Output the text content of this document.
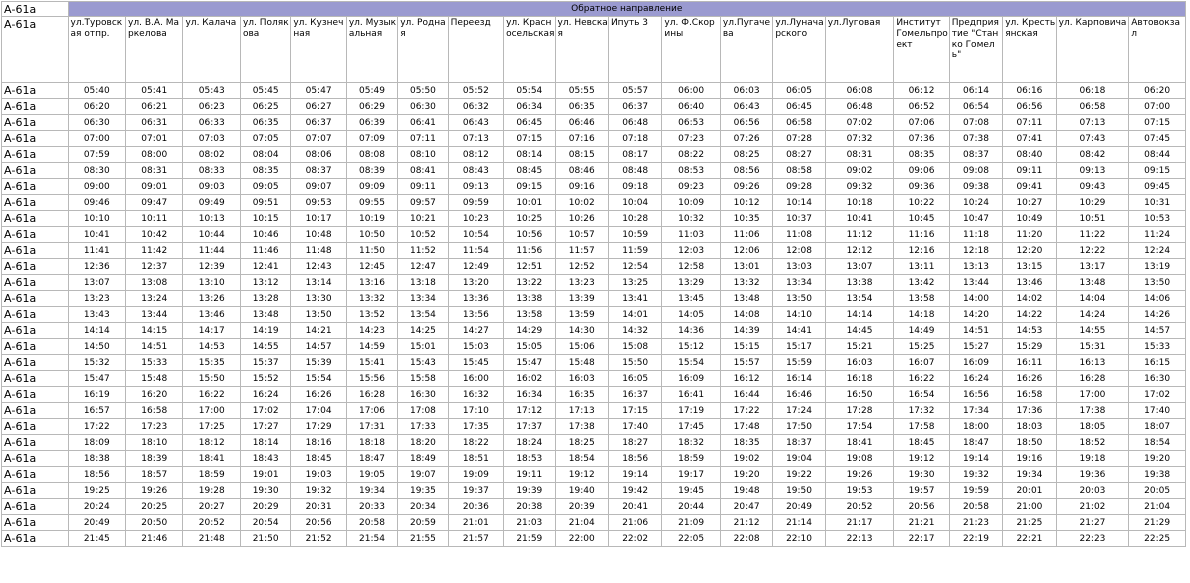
А-61а	Обратное направление																			
А-61а	ул.Туровская отпр.	ул. В.А. Маркелова	ул. Калача	ул. Полякова	ул. Кузнечная	ул. Музыкальная	ул. Родная	Переезд	ул. Красносельская	ул. Невская	Ипуть 3	ул. Ф.Скорины	ул.Пугачева	ул.Луначарского	ул.Луговая	Институт Гомельпроект	Предприятие "Станко Гомель"	ул. Крестьянская	ул. Карповича	Автовокзал
А-61а	05:40	05:41	05:43	05:45	05:47	05:49	05:50	05:52	05:54	05:55	05:57	06:00	06:03	06:05	06:08	06:12	06:14	06:16	06:18	06:20
А-61а	06:20	06:21	06:23	06:25	06:27	06:29	06:30	06:32	06:34	06:35	06:37	06:40	06:43	06:45	06:48	06:52	06:54	06:56	06:58	07:00
А-61а	06:30	06:31	06:33	06:35	06:37	06:39	06:41	06:43	06:45	06:46	06:48	06:53	06:56	06:58	07:02	07:06	07:08	07:11	07:13	07:15
А-61а	07:00	07:01	07:03	07:05	07:07	07:09	07:11	07:13	07:15	07:16	07:18	07:23	07:26	07:28	07:32	07:36	07:38	07:41	07:43	07:45
А-61а	07:59	08:00	08:02	08:04	08:06	08:08	08:10	08:12	08:14	08:15	08:17	08:22	08:25	08:27	08:31	08:35	08:37	08:40	08:42	08:44
А-61а	08:30	08:31	08:33	08:35	08:37	08:39	08:41	08:43	08:45	08:46	08:48	08:53	08:56	08:58	09:02	09:06	09:08	09:11	09:13	09:15
А-61а	09:00	09:01	09:03	09:05	09:07	09:09	09:11	09:13	09:15	09:16	09:18	09:23	09:26	09:28	09:32	09:36	09:38	09:41	09:43	09:45
А-61а	09:46	09:47	09:49	09:51	09:53	09:55	09:57	09:59	10:01	10:02	10:04	10:09	10:12	10:14	10:18	10:22	10:24	10:27	10:29	10:31
А-61а	10:10	10:11	10:13	10:15	10:17	10:19	10:21	10:23	10:25	10:26	10:28	10:32	10:35	10:37	10:41	10:45	10:47	10:49	10:51	10:53
А-61а	10:41	10:42	10:44	10:46	10:48	10:50	10:52	10:54	10:56	10:57	10:59	11:03	11:06	11:08	11:12	11:16	11:18	11:20	11:22	11:24
А-61а	11:41	11:42	11:44	11:46	11:48	11:50	11:52	11:54	11:56	11:57	11:59	12:03	12:06	12:08	12:12	12:16	12:18	12:20	12:22	12:24
А-61а	12:36	12:37	12:39	12:41	12:43	12:45	12:47	12:49	12:51	12:52	12:54	12:58	13:01	13:03	13:07	13:11	13:13	13:15	13:17	13:19
А-61а	13:07	13:08	13:10	13:12	13:14	13:16	13:18	13:20	13:22	13:23	13:25	13:29	13:32	13:34	13:38	13:42	13:44	13:46	13:48	13:50
А-61а	13:23	13:24	13:26	13:28	13:30	13:32	13:34	13:36	13:38	13:39	13:41	13:45	13:48	13:50	13:54	13:58	14:00	14:02	14:04	14:06
А-61а	13:43	13:44	13:46	13:48	13:50	13:52	13:54	13:56	13:58	13:59	14:01	14:05	14:08	14:10	14:14	14:18	14:20	14:22	14:24	14:26
А-61а	14:14	14:15	14:17	14:19	14:21	14:23	14:25	14:27	14:29	14:30	14:32	14:36	14:39	14:41	14:45	14:49	14:51	14:53	14:55	14:57
А-61а	14:50	14:51	14:53	14:55	14:57	14:59	15:01	15:03	15:05	15:06	15:08	15:12	15:15	15:17	15:21	15:25	15:27	15:29	15:31	15:33
А-61а	15:32	15:33	15:35	15:37	15:39	15:41	15:43	15:45	15:47	15:48	15:50	15:54	15:57	15:59	16:03	16:07	16:09	16:11	16:13	16:15
А-61а	15:47	15:48	15:50	15:52	15:54	15:56	15:58	16:00	16:02	16:03	16:05	16:09	16:12	16:14	16:18	16:22	16:24	16:26	16:28	16:30
А-61а	16:19	16:20	16:22	16:24	16:26	16:28	16:30	16:32	16:34	16:35	16:37	16:41	16:44	16:46	16:50	16:54	16:56	16:58	17:00	17:02
А-61а	16:57	16:58	17:00	17:02	17:04	17:06	17:08	17:10	17:12	17:13	17:15	17:19	17:22	17:24	17:28	17:32	17:34	17:36	17:38	17:40
А-61а	17:22	17:23	17:25	17:27	17:29	17:31	17:33	17:35	17:37	17:38	17:40	17:45	17:48	17:50	17:54	17:58	18:00	18:03	18:05	18:07
А-61а	18:09	18:10	18:12	18:14	18:16	18:18	18:20	18:22	18:24	18:25	18:27	18:32	18:35	18:37	18:41	18:45	18:47	18:50	18:52	18:54
А-61а	18:38	18:39	18:41	18:43	18:45	18:47	18:49	18:51	18:53	18:54	18:56	18:59	19:02	19:04	19:08	19:12	19:14	19:16	19:18	19:20
А-61а	18:56	18:57	18:59	19:01	19:03	19:05	19:07	19:09	19:11	19:12	19:14	19:17	19:20	19:22	19:26	19:30	19:32	19:34	19:36	19:38
А-61а	19:25	19:26	19:28	19:30	19:32	19:34	19:35	19:37	19:39	19:40	19:42	19:45	19:48	19:50	19:53	19:57	19:59	20:01	20:03	20:05
А-61а	20:24	20:25	20:27	20:29	20:31	20:33	20:34	20:36	20:38	20:39	20:41	20:44	20:47	20:49	20:52	20:56	20:58	21:00	21:02	21:04
А-61а	20:49	20:50	20:52	20:54	20:56	20:58	20:59	21:01	21:03	21:04	21:06	21:09	21:12	21:14	21:17	21:21	21:23	21:25	21:27	21:29
А-61а	21:45	21:46	21:48	21:50	21:52	21:54	21:55	21:57	21:59	22:00	22:02	22:05	22:08	22:10	22:13	22:17	22:19	22:21	22:23	22:25
